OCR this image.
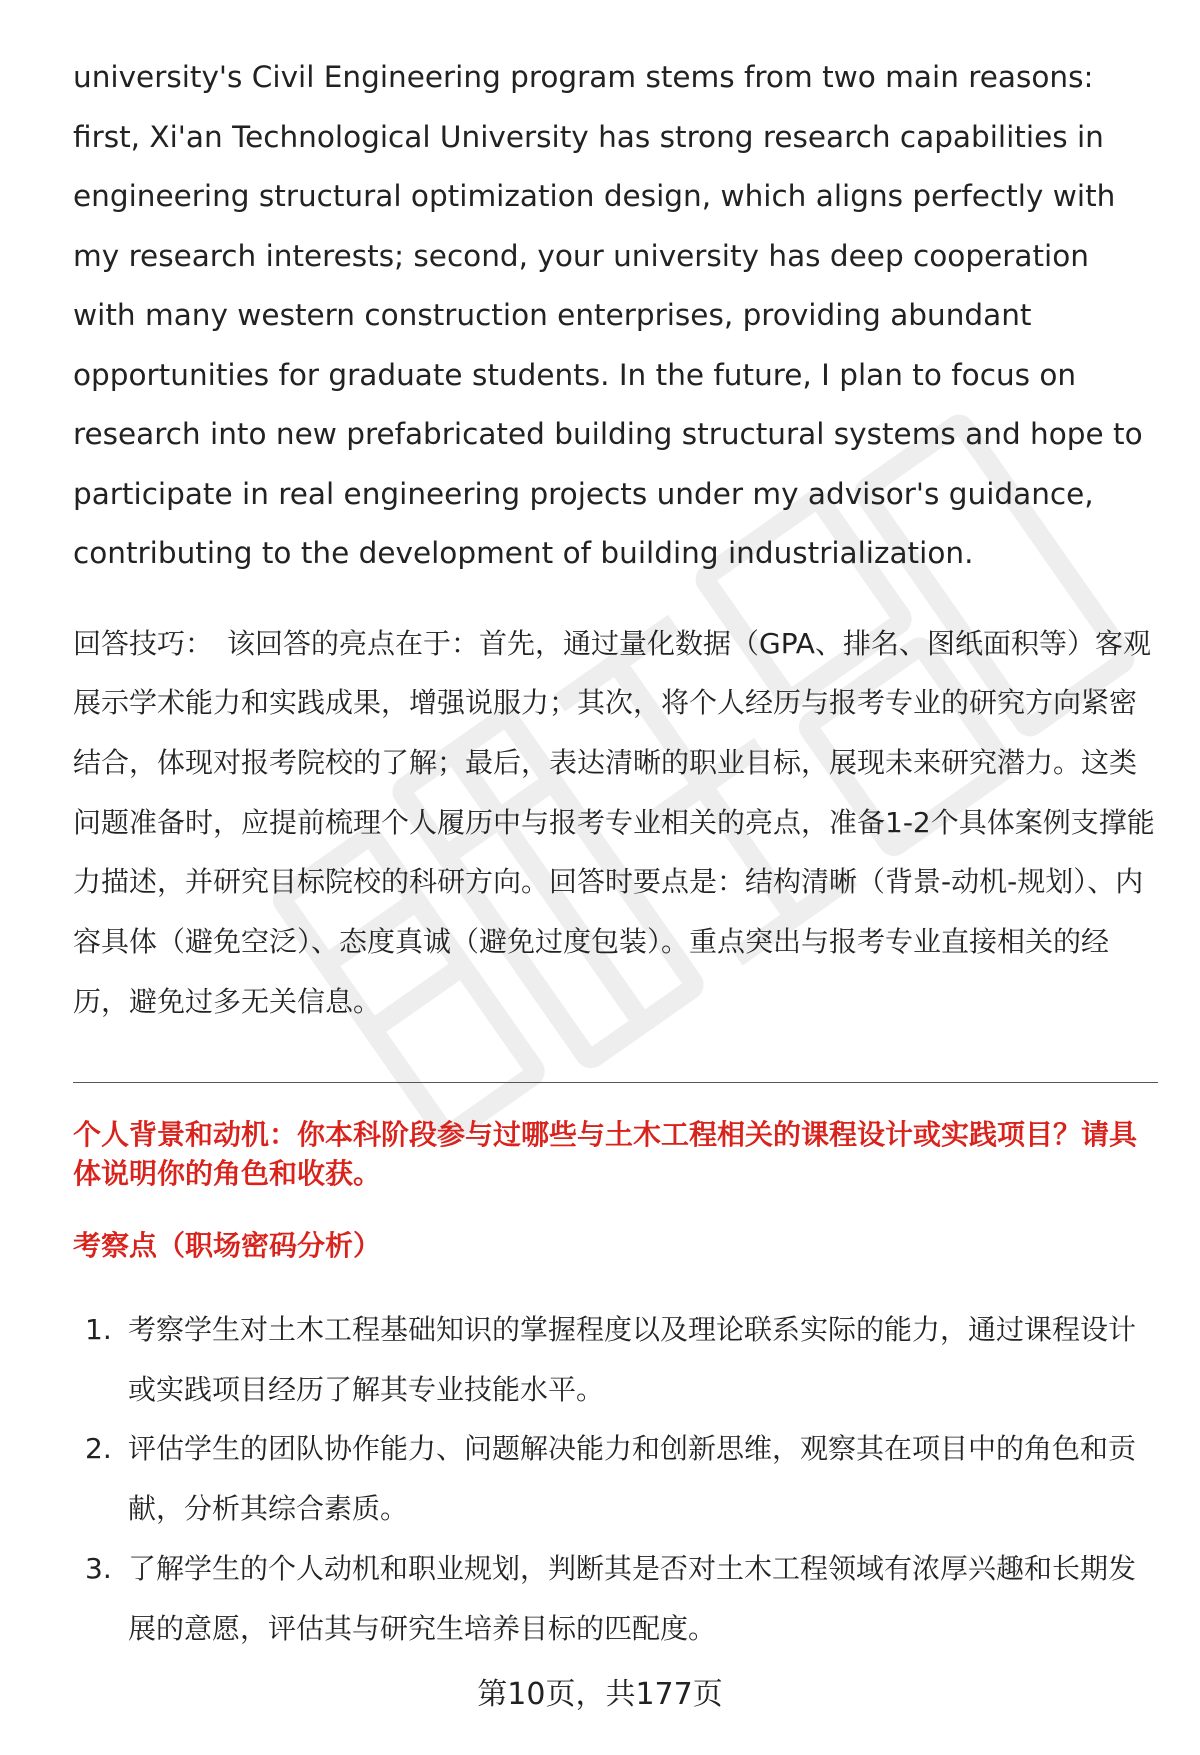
university's Civil Engineering program stems from two main reasons: first, Xi'an Technological University has strong research capabilities in engineering structural optimization design, which aligns perfectly with my research interests; second, your university has deep cooperation with many western construction enterprises, providing abundant opportunities for graduate students. In the future, I plan to focus on research into new prefabricated building structural systems and hope to participate in real engineering projects under my advisor's guidance, contributing to the development of building industrialization.

回答技巧： 该回答的亮点在于：首先，通过量化数据（GPA、排名、图纸面积等）客观展示学术能力和实践成果，增强说服力；其次，将个人经历与报考专业的研究方向紧密结合，体现对报考院校的了解；最后，表达清晰的职业目标，展现未来研究潜力。这类问题准备时，应提前梳理个人履历中与报考专业相关的亮点，准备1-2个具体案例支撑能力描述，并研究目标院校的科研方向。回答时要点是：结构清晰（背景-动机-规划）、内容具体（避免空泛）、态度真诚（避免过度包装）。重点突出与报考专业直接相关的经历，避免过多无关信息。

个人背景和动机：你本科阶段参与过哪些与土木工程相关的课程设计或实践项目？请具体说明你的角色和收获。

考察点（职场密码分析）

1. 考察学生对土木工程基础知识的掌握程度以及理论联系实际的能力，通过课程设计或实践项目经历了解其专业技能水平。
2. 评估学生的团队协作能力、问题解决能力和创新思维，观察其在项目中的角色和贡献，分析其综合素质。
3. 了解学生的个人动机和职业规划，判断其是否对土木工程领域有浓厚兴趣和长期发展的意愿，评估其与研究生培养目标的匹配度。
第10页，共177页
